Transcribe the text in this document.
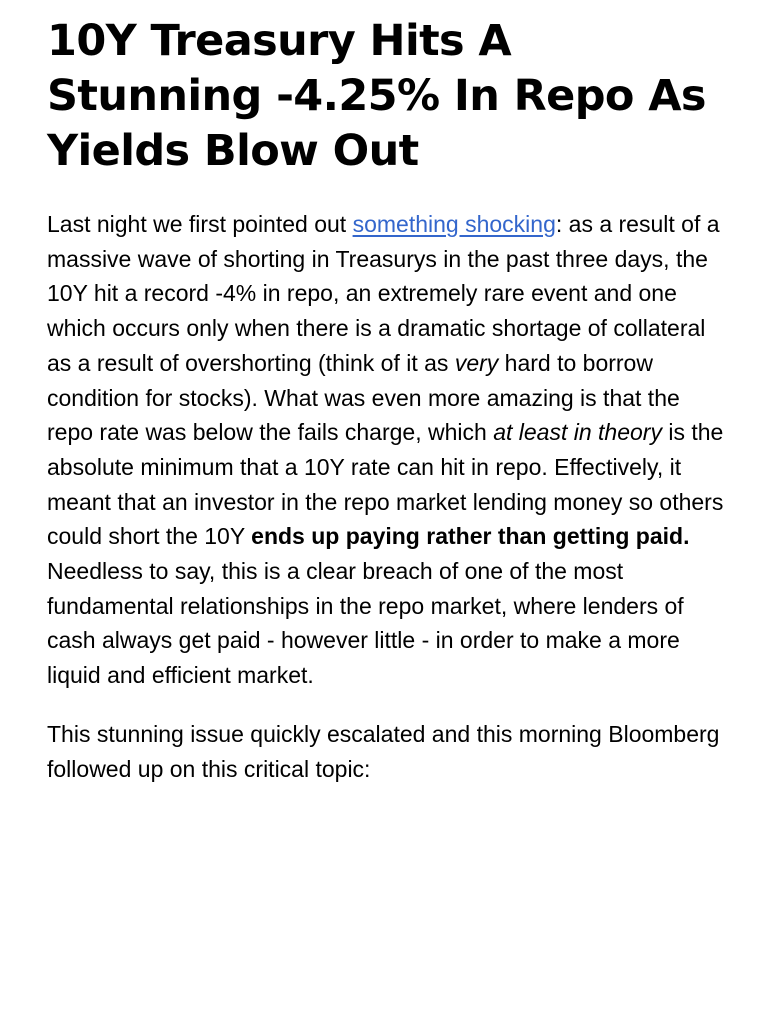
10Y Treasury Hits A Stunning -4.25% In Repo As Yields Blow Out

Last night we first pointed out something shocking: as a result of a massive wave of shorting in Treasurys in the past three days, the 10Y hit a record -4% in repo, an extremely rare event and one which occurs only when there is a dramatic shortage of collateral as a result of overshorting (think of it as very hard to borrow condition for stocks). What was even more amazing is that the repo rate was below the fails charge, which at least in theory is the absolute minimum that a 10Y rate can hit in repo. Effectively, it meant that an investor in the repo market lending money so others could short the 10Y ends up paying rather than getting paid. Needless to say, this is a clear breach of one of the most fundamental relationships in the repo market, where lenders of cash always get paid - however little - in order to make a more liquid and efficient market.

This stunning issue quickly escalated and this morning Bloomberg followed up on this critical topic:
